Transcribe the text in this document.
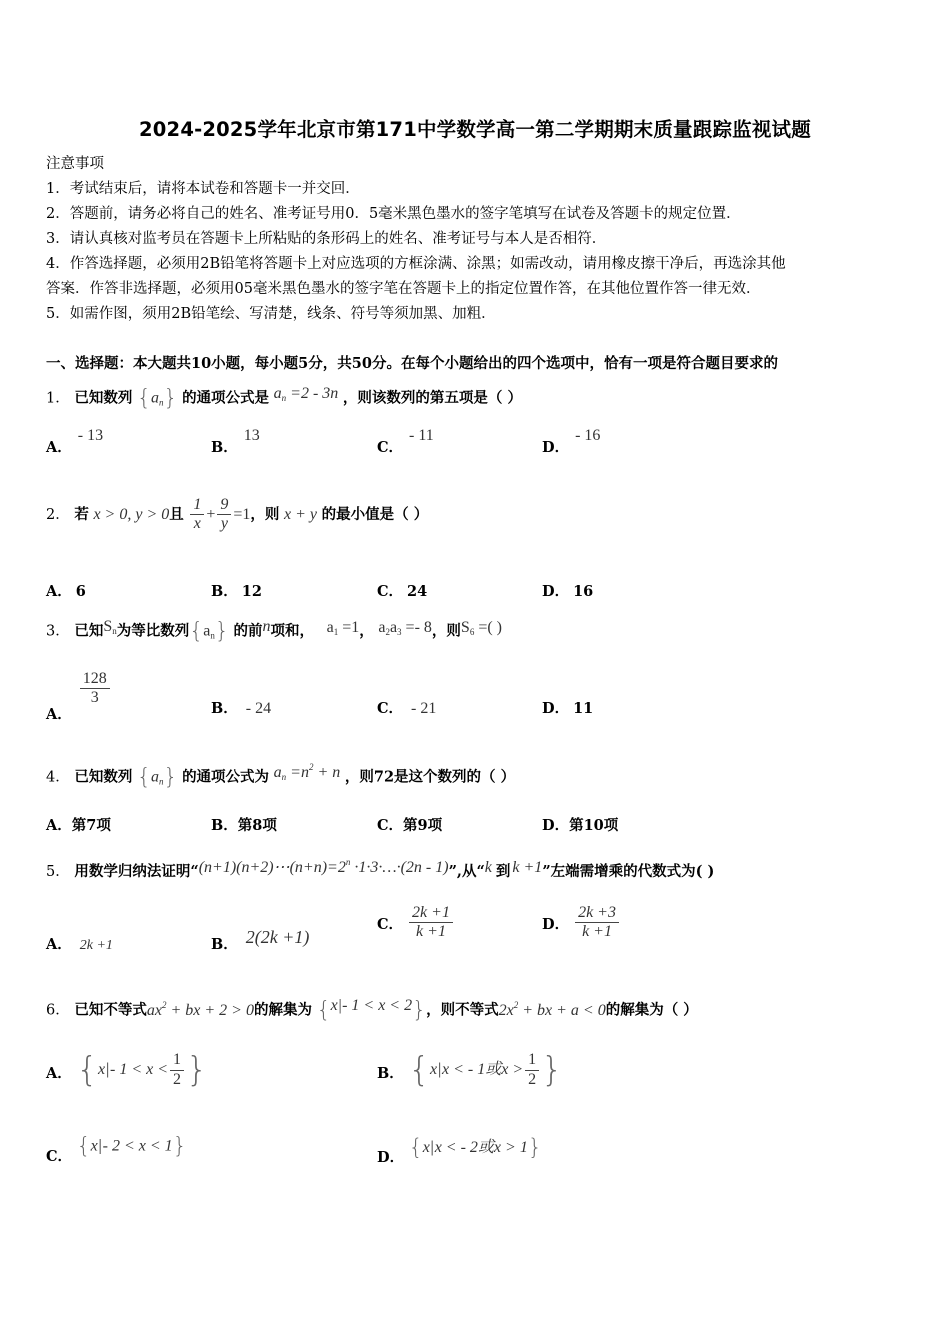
2024-2025学年北京市第171中学数学高一第二学期期末质量跟踪监视试题
注意事项
1．考试结束后，请将本试卷和答题卡一并交回．
2．答题前，请务必将自己的姓名、准考证号用0．5毫米黑色墨水的签字笔填写在试卷及答题卡的规定位置．
3．请认真核对监考员在答题卡上所粘贴的条形码上的姓名、准考证号与本人是否相符．
4．作答选择题，必须用2B铅笔将答题卡上对应选项的方框涂满、涂黑；如需改动，请用橡皮擦干净后，再选涂其他
答案．作答非选择题，必须用05毫米黑色墨水的签字笔在答题卡上的指定位置作答，在其他位置作答一律无效．
5．如需作图，须用2B铅笔绘、写清楚，线条、符号等须加黑、加粗．
一、选择题：本大题共10小题，每小题5分，共50分。在每个小题给出的四个选项中，恰有一项是符合题目要求的
1． 已知数列 $\{a_n\}$ 的通项公式是 $a_n =2 - 3n$ ，则该数列的第五项是（ ）
A．- 13
B．13
C．- 11
D．- 16
2． 若 x > 0, y > 0且 $\frac{1}{x} + \frac{9}{y} =1$，则 x + y 的最小值是（ ）
A． 6	B． 12	C． 24	D． 16
3． 已知$S_n$为等比数列$\{a_n\}$ 的前n项和， $a_1 =1$， $a_2a_3 =- 8$，则$S_6$ =( )
A．
$\frac{128}{3}$
B． - 24	C． - 21	D． 11
4． 已知数列 $\{a_n\}$ 的通项公式为 $a_n =n^2 + n$ ，则72是这个数列的（ ）
A．第7项	B．第8项	C．第9项	D．第10项
5． 用数学归纳法证明“$(n+1)(n+2)\cdots(n+n)=2^n$ ·1·3·…·(2n - 1)”,从“k 到 k +1”左端需增乘的代数式为( )
A． 2k +1	B． 2(2k +1)
C． $\frac{2k +1}{k +1}$	D． $\frac{2k +3}{k +1}$
6． 已知不等式$ax^2$ + bx + 2 > 0的解集为 {x|- 1 < x < 2}，则不等式$2x^2$ + bx + a < 0的解集为（ ）
A． {x|- $1 < x < \frac{1}{2}$ }	B． {x|x < - 1或$x > \frac{1}{2}$ }
C． {x|- 2 < x < 1}	D． {x|x < - 2或x > 1}
